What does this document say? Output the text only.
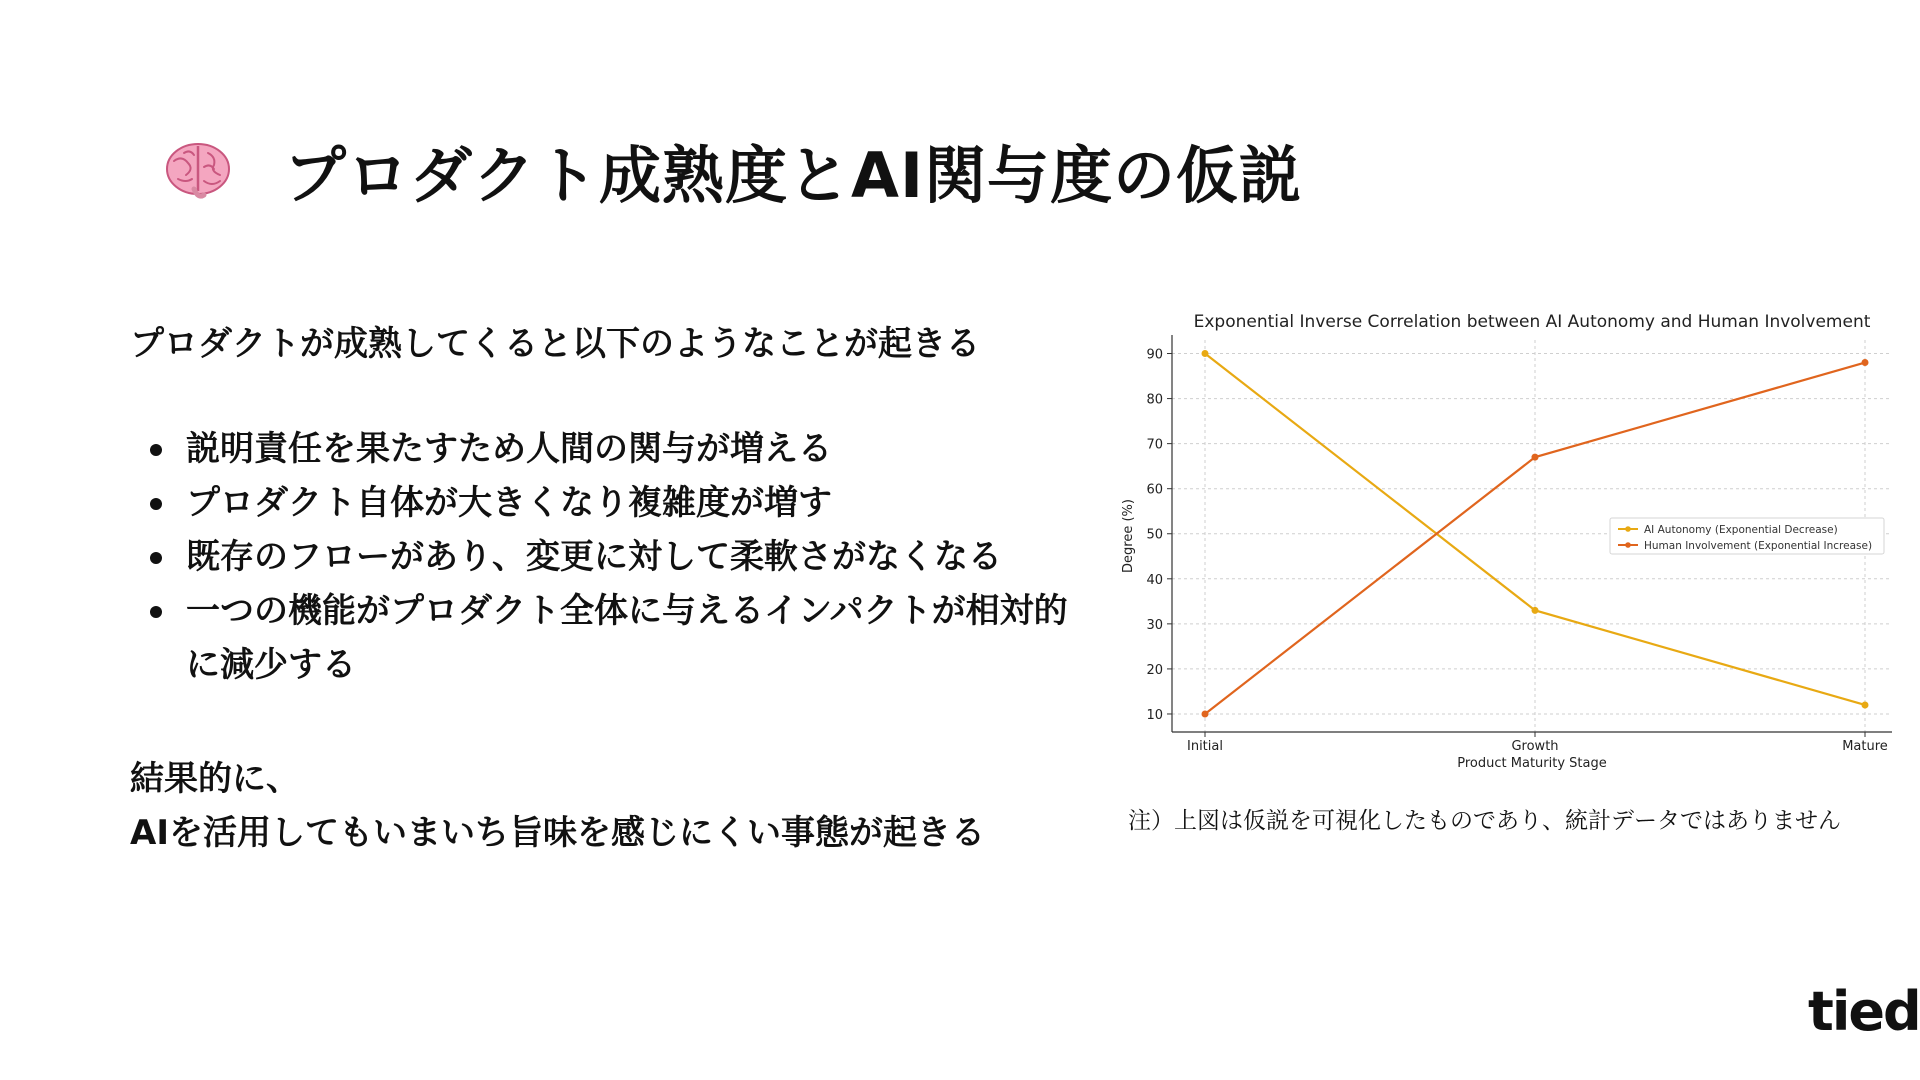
プロダクト成熟度とAI関与度の仮説
プロダクトが成熟してくると以下のようなことが起きる
説明責任を果たすため人間の関与が増える
プロダクト自体が大きくなり複雑度が増す
既存のフローがあり、変更に対して柔軟さがなくなる
一つの機能がプロダクト全体に与えるインパクトが相対的に減少する
結果的に、
AIを活用してもいまいち旨味を感じにくい事態が起きる
Exponential Inverse Correlation between AI Autonomy and Human Involvement
10
20
30
40
50
60
70
80
90
Initial	Growth	Mature
Product Maturity Stage
Degree (%)	AI Autonomy (Exponential Decrease)
Human Involvement (Exponential Increase)
注）上図は仮説を可視化したものであり、統計データではありません
tied
